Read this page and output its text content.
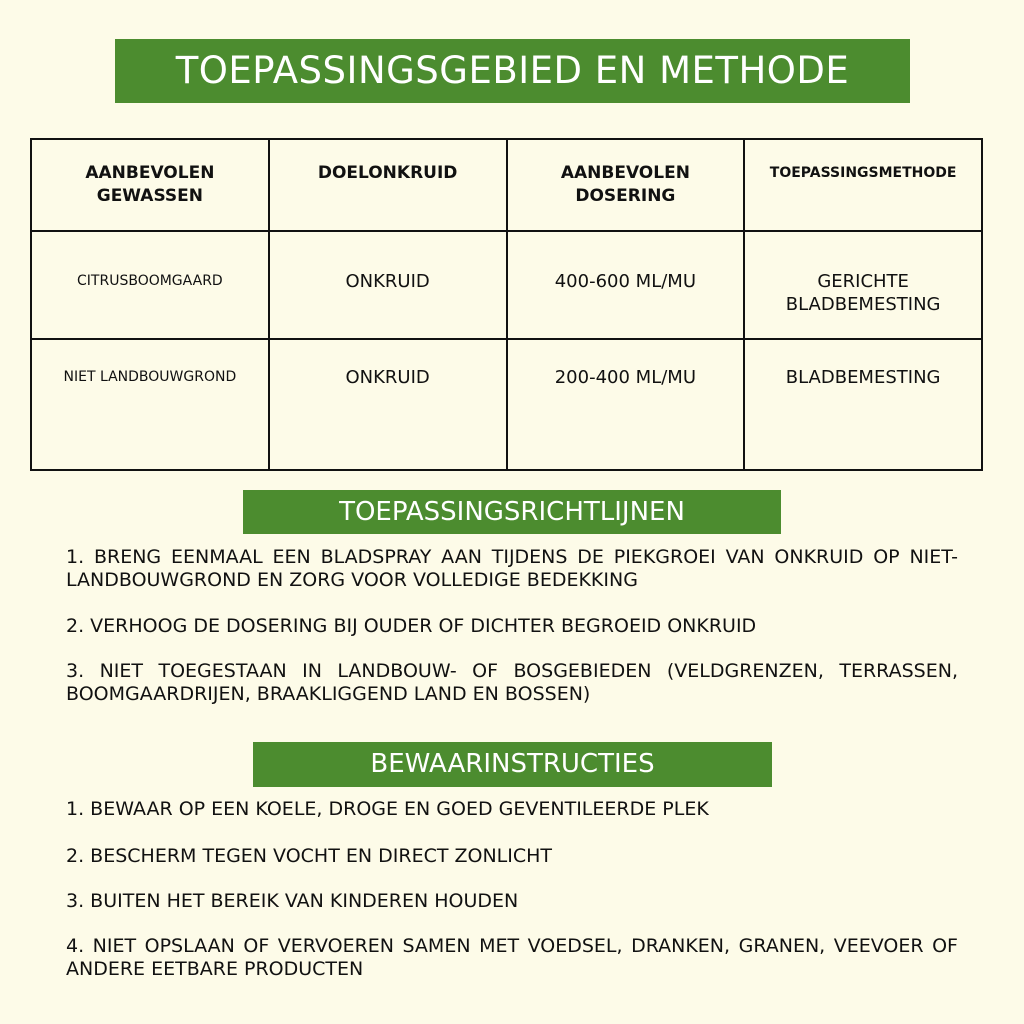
TOEPASSINGSGEBIED EN METHODE
AANBEVOLEN GEWASSEN	DOELONKRUID	AANBEVOLEN DOSERING	TOEPASSINGSMETHODE
CITRUSBOOMGAARD	ONKRUID	400-600 ML/MU	GERICHTE BLADBEMESTING
NIET LANDBOUWGROND	ONKRUID	200-400 ML/MU	BLADBEMESTING
TOEPASSINGSRICHTLIJNEN
1. BRENG EENMAAL EEN BLADSPRAY AAN TIJDENS DE PIEKGROEI VAN ONKRUID OP NIET-LANDBOUWGROND EN ZORG VOOR VOLLEDIGE BEDEKKING
2. VERHOOG DE DOSERING BIJ OUDER OF DICHTER BEGROEID ONKRUID
3. NIET TOEGESTAAN IN LANDBOUW- OF BOSGEBIEDEN (VELDGRENZEN, TERRASSEN, BOOMGAARDRIJEN, BRAAKLIGGEND LAND EN BOSSEN)
BEWAARINSTRUCTIES
1. BEWAAR OP EEN KOELE, DROGE EN GOED GEVENTILEERDE PLEK
2. BESCHERM TEGEN VOCHT EN DIRECT ZONLICHT
3. BUITEN HET BEREIK VAN KINDEREN HOUDEN
4. NIET OPSLAAN OF VERVOEREN SAMEN MET VOEDSEL, DRANKEN, GRANEN, VEEVOER OF ANDERE EETBARE PRODUCTEN
